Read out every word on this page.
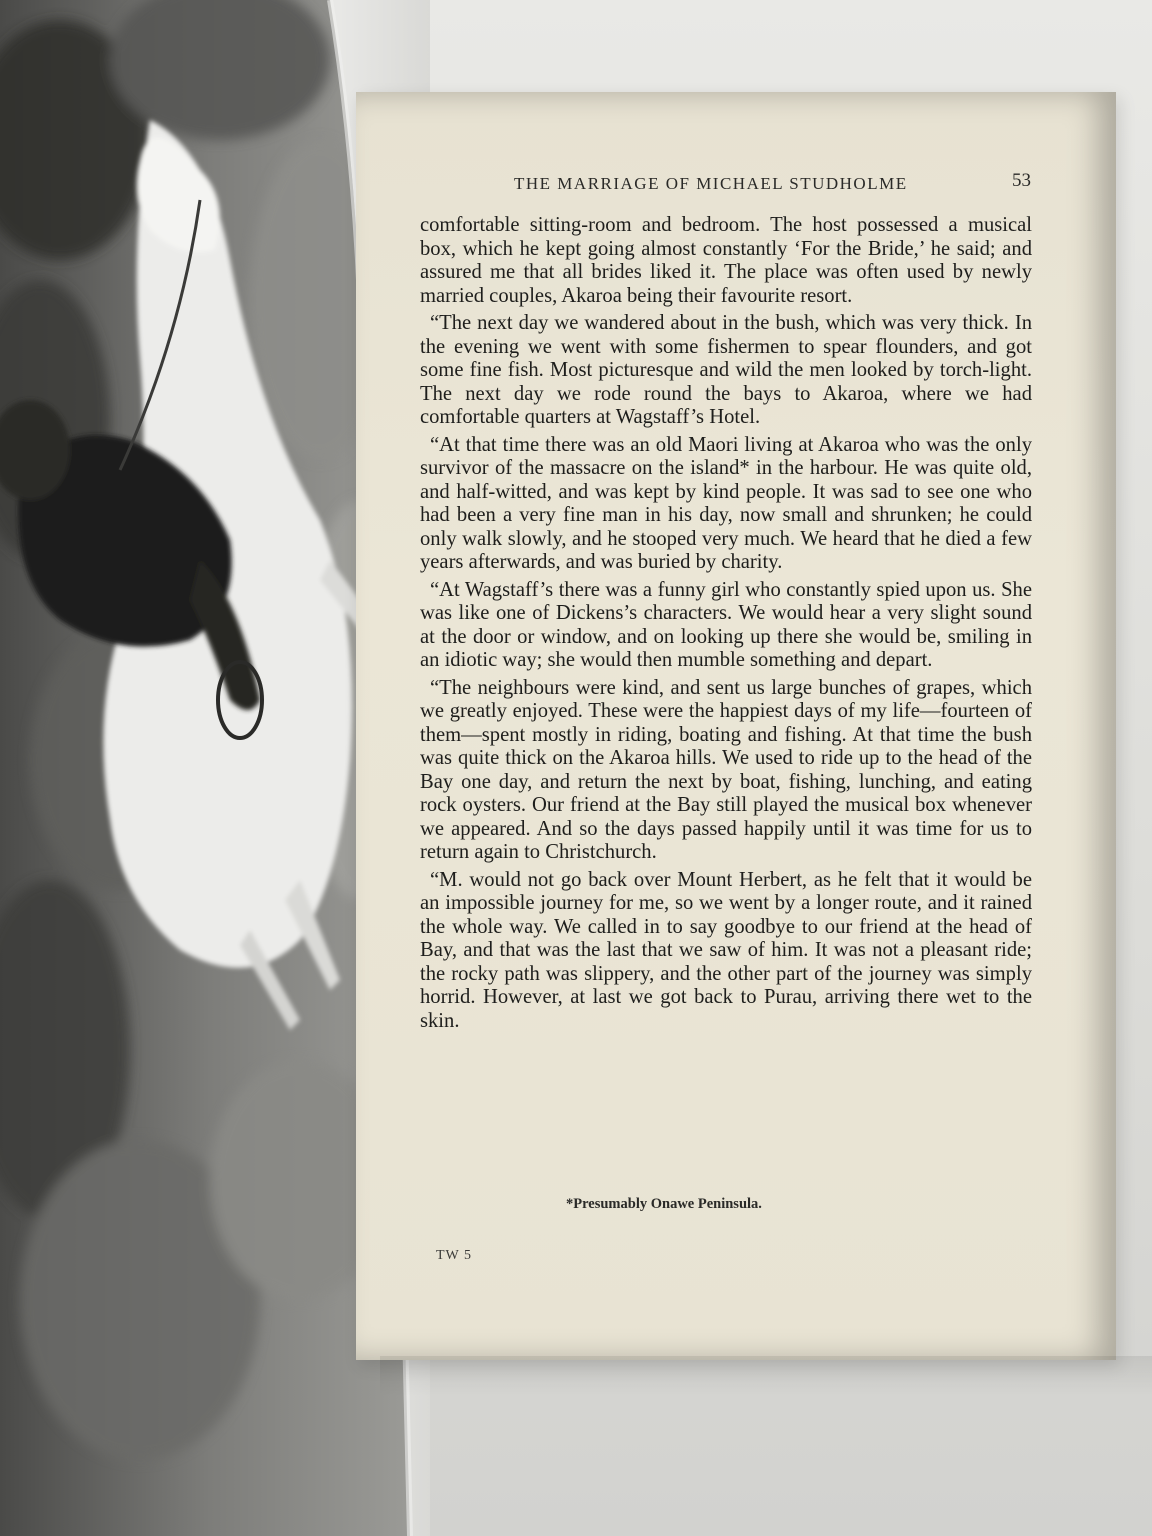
THE MARRIAGE OF MICHAEL STUDHOLME	53

comfortable sitting-room and bedroom. The host possessed a musical box, which he kept going almost constantly ‘For the Bride,’ he said; and assured me that all brides liked it. The place was often used by newly married couples, Akaroa being their favourite resort.

“The next day we wandered about in the bush, which was very thick. In the evening we went with some fishermen to spear flounders, and got some fine fish. Most picturesque and wild the men looked by torch-light. The next day we rode round the bays to Akaroa, where we had comfortable quarters at Wagstaff’s Hotel.

“At that time there was an old Maori living at Akaroa who was the only survivor of the massacre on the island* in the harbour. He was quite old, and half-witted, and was kept by kind people. It was sad to see one who had been a very fine man in his day, now small and shrunken; he could only walk slowly, and he stooped very much. We heard that he died a few years afterwards, and was buried by charity.

“At Wagstaff’s there was a funny girl who constantly spied upon us. She was like one of Dickens’s characters. We would hear a very slight sound at the door or window, and on looking up there she would be, smiling in an idiotic way; she would then mumble something and depart.

“The neighbours were kind, and sent us large bunches of grapes, which we greatly enjoyed. These were the happiest days of my life—fourteen of them—spent mostly in riding, boating and fishing. At that time the bush was quite thick on the Akaroa hills. We used to ride up to the head of the Bay one day, and return the next by boat, fishing, lunching, and eating rock oysters. Our friend at the Bay still played the musical box whenever we appeared. And so the days passed happily until it was time for us to return again to Christchurch.

“M. would not go back over Mount Herbert, as he felt that it would be an impossible journey for me, so we went by a longer route, and it rained the whole way. We called in to say goodbye to our friend at the head of Bay, and that was the last that we saw of him. It was not a pleasant ride; the rocky path was slippery, and the other part of the journey was simply horrid. However, at last we got back to Purau, arriving there wet to the skin.

*Presumably Onawe Peninsula.
TW 5
